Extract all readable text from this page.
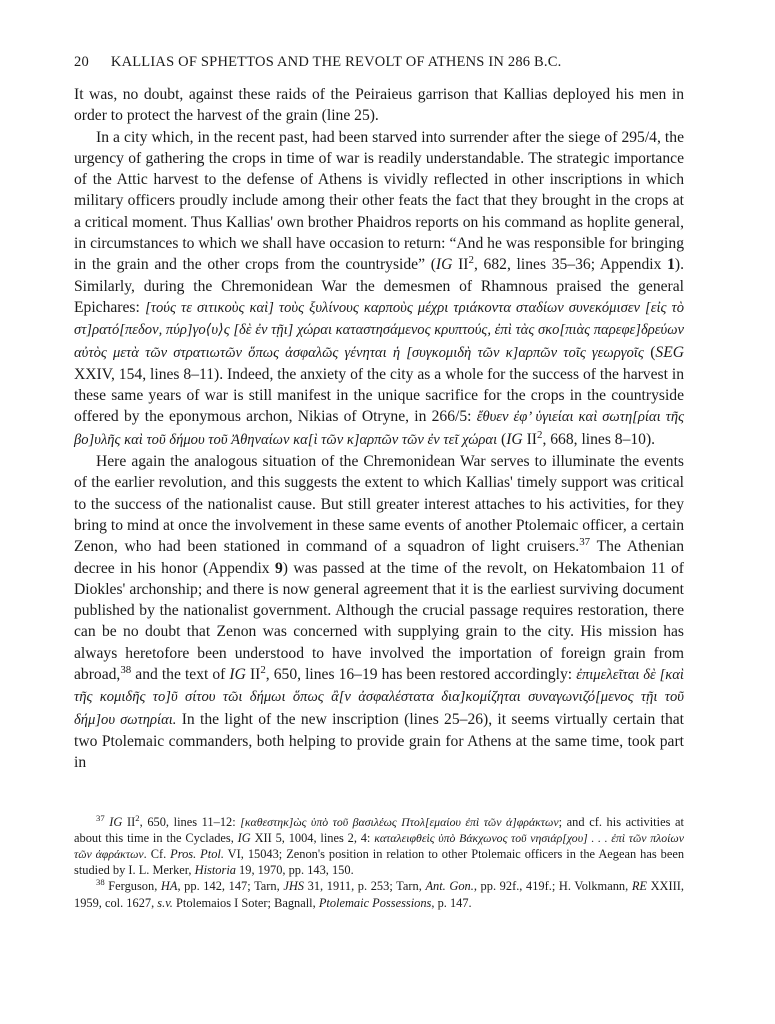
20 KALLIAS OF SPHETTOS AND THE REVOLT OF ATHENS IN 286 B.C.

It was, no doubt, against these raids of the Peiraieus garrison that Kallias deployed his men in order to protect the harvest of the grain (line 25).

In a city which, in the recent past, had been starved into surrender after the siege of 295/4, the urgency of gathering the crops in time of war is readily understandable. The strategic importance of the Attic harvest to the defense of Athens is vividly reflected in other inscriptions in which military officers proudly include among their other feats the fact that they brought in the crops at a critical moment. Thus Kallias' own brother Phaidros reports on his command as hoplite general, in circumstances to which we shall have occasion to return: “And he was responsible for bringing in the grain and the other crops from the countryside” (IG $II^2$, 682, lines 35–36; Appendix 1). Similarly, during the Chremonidean War the demesmen of Rhamnous praised the general Epichares: [τούς τε σιτικοὺς καὶ] τοὺς ξυλίνους καρποὺς μέχρι τριάκοντα σταδίων συνεκόμισεν [εἰς τὸ στ]ρατό[πεδον, πύρ]γο⟨υ⟩ς [δὲ ἐν τῇι] χώραι καταστησάμενος κρυπτούς, ἐπὶ τὰς σκο[πιὰς παρεφε]δρεύων αὐτὸς μετὰ τῶν στρατιωτῶν ὅπως ἀσφαλῶς γένηται ἡ [συγκομιδὴ τῶν κ]αρπῶν τοῖς γεωργοῖς (SEG XXIV, 154, lines 8–11). Indeed, the anxiety of the city as a whole for the success of the harvest in these same years of war is still manifest in the unique sacrifice for the crops in the countryside offered by the eponymous archon, Nikias of Otryne, in 266/5: ἔθυεν ἐφ’ ὑγιείαι καὶ σωτη[ρίαι τῆς βο]υλῆς καὶ τοῦ δήμου τοῦ Ἀθηναίων κα[ὶ τῶν κ]αρπῶν τῶν ἐν τεῖ χώραι (IG $II^2$, 668, lines 8–10).

Here again the analogous situation of the Chremonidean War serves to illuminate the events of the earlier revolution, and this suggests the extent to which Kallias' timely support was critical to the success of the nationalist cause. But still greater interest attaches to his activities, for they bring to mind at once the involvement in these same events of another Ptolemaic officer, a certain Zenon, who had been stationed in command of a squadron of light cruisers.$^{37}$ The Athenian decree in his honor (Appendix 9) was passed at the time of the revolt, on Hekatombaion 11 of Diokles' archonship; and there is now general agreement that it is the earliest surviving document published by the nationalist government. Although the crucial passage requires restoration, there can be no doubt that Zenon was concerned with supplying grain to the city. His mission has always heretofore been understood to have involved the importation of foreign grain from abroad,$^{38}$ and the text of IG $II^2$, 650, lines 16–19 has been restored accordingly: ἐπιμελεῖται δὲ [καὶ τῆς κομιδῆς το]ῦ σίτου τῶι δήμωι ὅπως ἂ[ν ἀσφαλέστατα δια]κομίζηται συναγωνιζό[μενος τῇι τοῦ δήμ]ου σωτηρίαι. In the light of the new inscription (lines 25–26), it seems virtually certain that two Ptolemaic commanders, both helping to provide grain for Athens at the same time, took part in

$^{37}$ IG $II^2$, 650, lines 11–12: [καθεστηκ]ὼς ὑπὸ τοῦ βασιλέως Πτολ[εμαίου ἐπὶ τῶν ἀ]φράκτων; and cf. his activities at about this time in the Cyclades, IG XII 5, 1004, lines 2, 4: καταλειφθεὶς ὑπὸ Βάκχωνος τοῦ νησιάρ[χου] . . . ἐπὶ τῶν πλοίων τῶν ἀφράκτων. Cf. Pros. Ptol. VI, 15043; Zenon's position in relation to other Ptolemaic officers in the Aegean has been studied by I. L. Merker, Historia 19, 1970, pp. 143, 150.

$^{38}$ Ferguson, HA, pp. 142, 147; Tarn, JHS 31, 1911, p. 253; Tarn, Ant. Gon., pp. 92f., 419f.; H. Volkmann, RE XXIII, 1959, col. 1627, s.v. Ptolemaios I Soter; Bagnall, Ptolemaic Possessions, p. 147.
